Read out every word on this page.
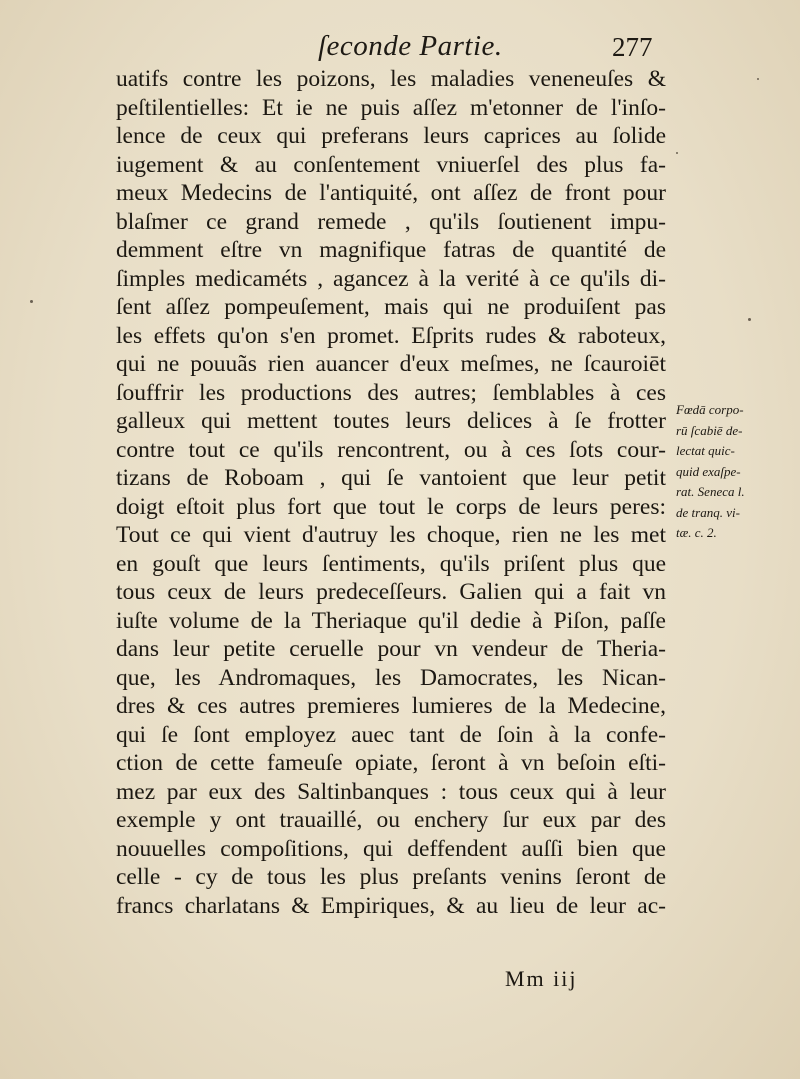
ſeconde Partie.	277
uatifs contre les poizons, les maladies veneneuſes &
peſtilentielles: Et ie ne puis aſſez m'etonner de l'inſo-
lence de ceux qui preferans leurs caprices au ſolide
iugement & au conſentement vniuerſel des plus fa-
meux Medecins de l'antiquité, ont aſſez de front pour
blaſmer ce grand remede , qu'ils ſoutienent impu-
demment eſtre vn magnifique fatras de quantité de
ſimples medicaméts , agancez à la verité à ce qu'ils di-
ſent aſſez pompeuſement, mais qui ne produiſent pas
les effets qu'on s'en promet. Eſprits rudes & raboteux,
qui ne pouuãs rien auancer d'eux meſmes, ne ſcauroiēt
ſouffrir les productions des autres; ſemblables à ces
galleux qui mettent toutes leurs delices à ſe frotter
contre tout ce qu'ils rencontrent, ou à ces ſots cour-
tizans de Roboam , qui ſe vantoient que leur petit
doigt eſtoit plus fort que tout le corps de leurs peres:
Tout ce qui vient d'autruy les choque, rien ne les met
en gouſt que leurs ſentiments, qu'ils priſent plus que
tous ceux de leurs predeceſſeurs. Galien qui a fait vn
iuſte volume de la Theriaque qu'il dedie à Piſon, paſſe
dans leur petite ceruelle pour vn vendeur de Theria-
que, les Andromaques, les Damocrates, les Nican-
dres & ces autres premieres lumieres de la Medecine,
qui ſe ſont employez auec tant de ſoin à la confe-
ction de cette fameuſe opiate, ſeront à vn beſoin eſti-
mez par eux des Saltinbanques : tous ceux qui à leur
exemple y ont trauaillé, ou enchery ſur eux par des
nouuelles compoſitions, qui deffendent auſſi bien que
celle - cy de tous les plus preſants venins ſeront de
francs charlatans & Empiriques, & au lieu de leur ac-
Fœdā corpo-
rū ſcabiē de-
lectat quic-
quid exaſpe-
rat. Seneca l.
de tranq. vi-
tæ. c. 2.
Mm iij
